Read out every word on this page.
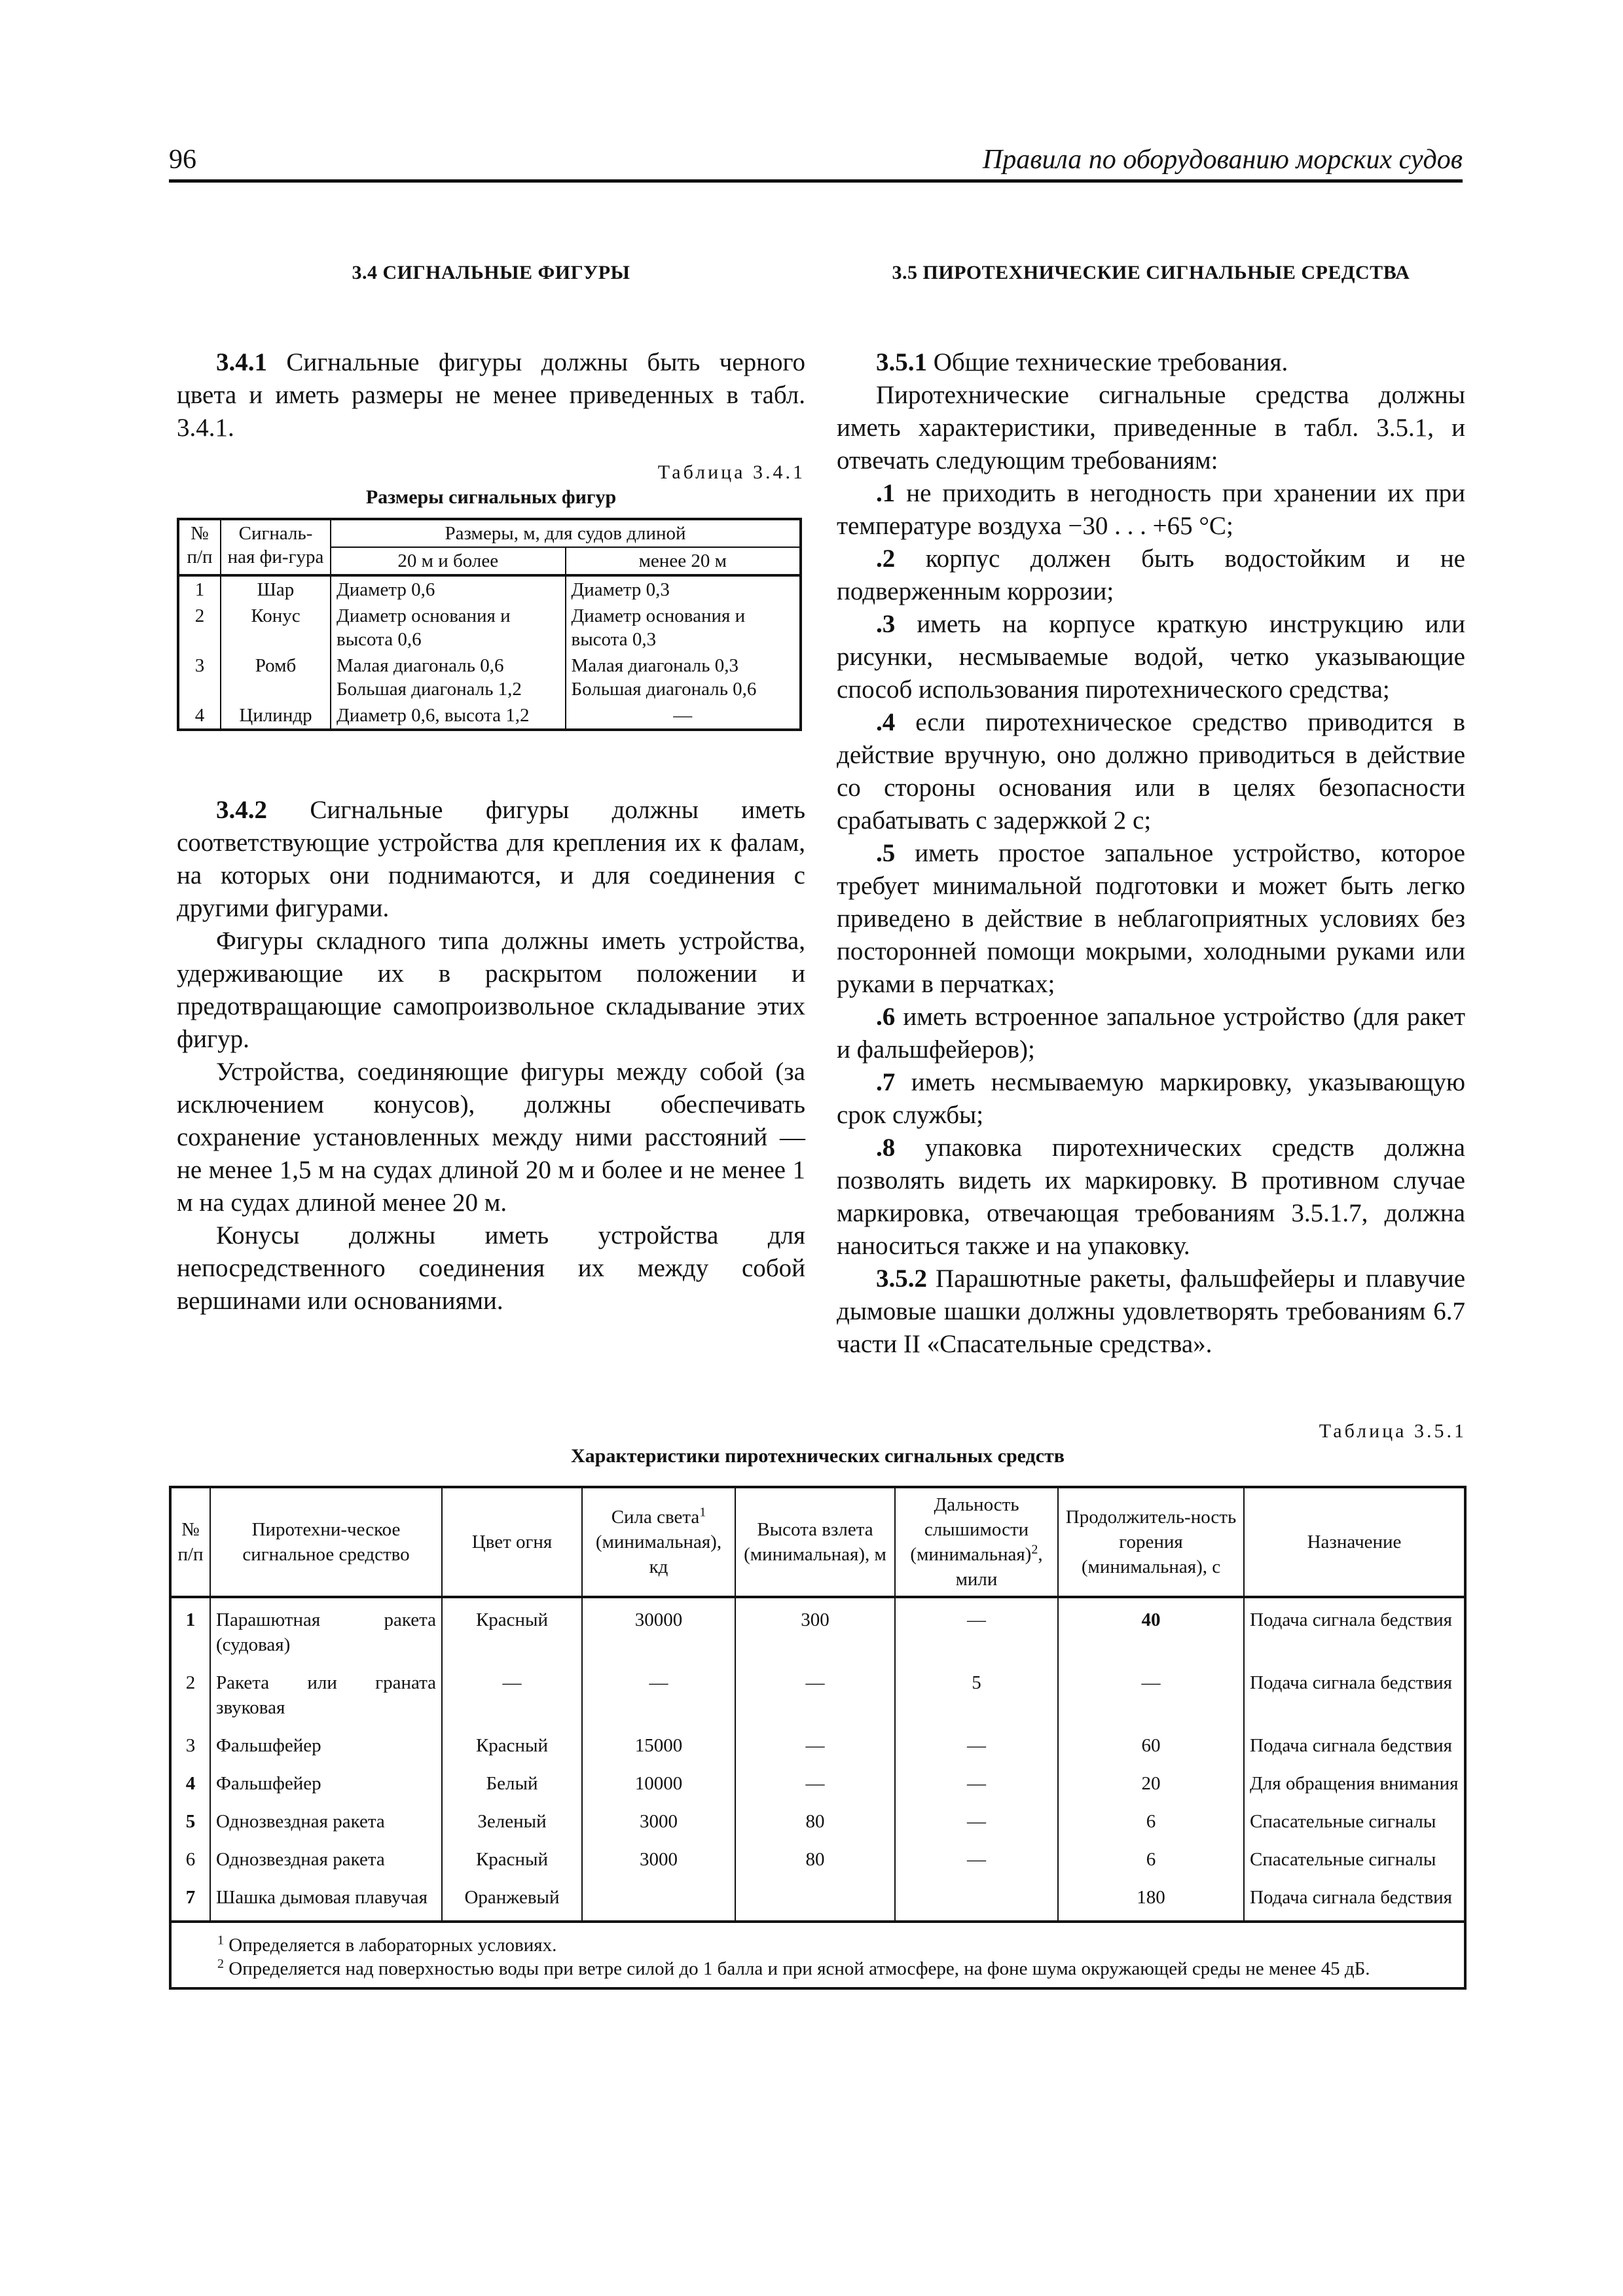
96	Правила по оборудованию морских судов
3.4 СИГНАЛЬНЫЕ ФИГУРЫ

3.4.1 Сигнальные фигуры должны быть черного цвета и иметь размеры не менее приведенных в табл. 3.4.1.

Таблица 3.4.1
Размеры сигнальных фигур
№ п/п	Сигналь-ная фи-гура	Размеры, м, для судов длиной	
		20 м и более	менее 20 м
1	Шар	Диаметр 0,6	Диаметр 0,3
2	Конус	Диаметр основания и высота 0,6	Диаметр основания и высота 0,3
3	Ромб	Малая диагональ 0,6 Большая диагональ 1,2	Малая диагональ 0,3 Большая диагональ 0,6
4	Цилиндр	Диаметр 0,6, высота 1,2	—

3.4.2 Сигнальные фигуры должны иметь соответствующие устройства для крепления их к фалам, на которых они поднимаются, и для соединения с другими фигурами.

Фигуры складного типа должны иметь устройства, удерживающие их в раскрытом положении и предотвращающие самопроизвольное складывание этих фигур.

Устройства, соединяющие фигуры между собой (за исключением конусов), должны обеспечивать сохранение установленных между ними расстояний — не менее 1,5 м на судах длиной 20 м и более и не менее 1 м на судах длиной менее 20 м.

Конусы должны иметь устройства для непосредственного соединения их между собой вершинами или основаниями.

3.5 ПИРОТЕХНИЧЕСКИЕ СИГНАЛЬНЫЕ СРЕДСТВА

3.5.1 Общие технические требования.

Пиротехнические сигнальные средства должны иметь характеристики, приведенные в табл. 3.5.1, и отвечать следующим требованиям:

.1 не приходить в негодность при хранении их при температуре воздуха −30 . . . +65 °C;

.2 корпус должен быть водостойким и не подверженным коррозии;

.3 иметь на корпусе краткую инструкцию или рисунки, несмываемые водой, четко указывающие способ использования пиротехнического средства;

.4 если пиротехническое средство приводится в действие вручную, оно должно приводиться в действие со стороны основания или в целях безопасности срабатывать с задержкой 2 с;

.5 иметь простое запальное устройство, которое требует минимальной подготовки и может быть легко приведено в действие в неблагоприятных условиях без посторонней помощи мокрыми, холодными руками или руками в перчатках;

.6 иметь встроенное запальное устройство (для ракет и фальшфейеров);

.7 иметь несмываемую маркировку, указывающую срок службы;

.8 упаковка пиротехнических средств должна позволять видеть их маркировку. В противном случае маркировка, отвечающая требованиям 3.5.1.7, должна наноситься также и на упаковку.

3.5.2 Парашютные ракеты, фальшфейеры и плавучие дымовые шашки должны удовлетворять требованиям 6.7 части II «Спасательные средства».

Таблица 3.5.1
Характеристики пиротехнических сигнальных средств
№ п/п	Пиротехни-ческое сигнальное средство	Цвет огня	Сила света$^1$ (минимальная), кд	Высота взлета (минимальная), м	Дальность слышимости (минимальная)$^2$, мили	Продолжитель-ность горения (минимальная), с	Назначение
1	Парашютная ракета (судовая)	Красный	30000	300	—	40	Подача сигнала бедствия
2	Ракета или граната звуковая	—	—	—	5	—	Подача сигнала бедствия
3	Фальшфейер	Красный	15000	—	—	60	Подача сигнала бедствия
4	Фальшфейер	Белый	10000	—	—	20	Для обращения внимания
5	Однозвездная ракета	Зеленый	3000	80	—	6	Спасательные сигналы
6	Однозвездная ракета	Красный	3000	80	—	6	Спасательные сигналы
7	Шашка дымовая плавучая	Оранжевый				180	Подача сигнала бедствия
$^1$ Определяется в лабораторных условиях.
$^2$ Определяется над поверхностью воды при ветре силой до 1 балла и при ясной атмосфере, на фоне шума окружающей среды не менее 45 дБ.
